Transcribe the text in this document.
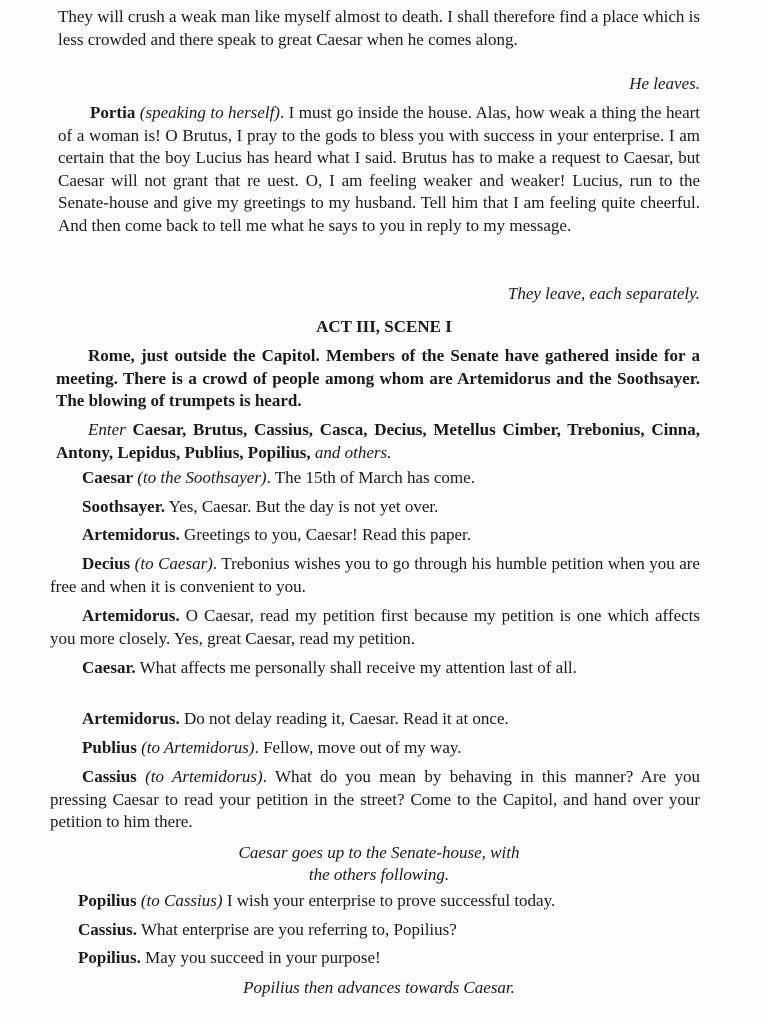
They will crush a weak man like myself almost to death. I shall therefore find a place which is less crowded and there speak to great Caesar when he comes along.

He leaves.

Portia (speaking to herself). I must go inside the house. Alas, how weak a thing the heart of a woman is! O Brutus, I pray to the gods to bless you with success in your enterprise. I am certain that the boy Lucius has heard what I said. Brutus has to make a request to Caesar, but Caesar will not grant that re uest. O, I am feeling weaker and weaker! Lucius, run to the Senate-house and give my greetings to my husband. Tell him that I am feeling quite cheerful. And then come back to tell me what he says to you in reply to my message.

They leave, each separately.

ACT III, SCENE I

Rome, just outside the Capitol. Members of the Senate have gathered inside for a meeting. There is a crowd of people among whom are Artemidorus and the Soothsayer. The blowing of trumpets is heard.

Enter Caesar, Brutus, Cassius, Casca, Decius, Metellus Cimber, Trebonius, Cinna, Antony, Lepidus, Publius, Popilius, and others.

Caesar (to the Soothsayer). The 15th of March has come.

Soothsayer. Yes, Caesar. But the day is not yet over.

Artemidorus. Greetings to you, Caesar! Read this paper.

Decius (to Caesar). Trebonius wishes you to go through his humble petition when you are free and when it is convenient to you.

Artemidorus. O Caesar, read my petition first because my petition is one which affects you more closely. Yes, great Caesar, read my petition.

Caesar. What affects me personally shall receive my attention last of all.

Artemidorus. Do not delay reading it, Caesar. Read it at once.

Publius (to Artemidorus). Fellow, move out of my way.

Cassius (to Artemidorus). What do you mean by behaving in this manner? Are you pressing Caesar to read your petition in the street? Come to the Capitol, and hand over your petition to him there.

Caesar goes up to the Senate-house, with

the others following.

Popilius (to Cassius) I wish your enterprise to prove successful today.

Cassius. What enterprise are you referring to, Popilius?

Popilius. May you succeed in your purpose!

Popilius then advances towards Caesar.
